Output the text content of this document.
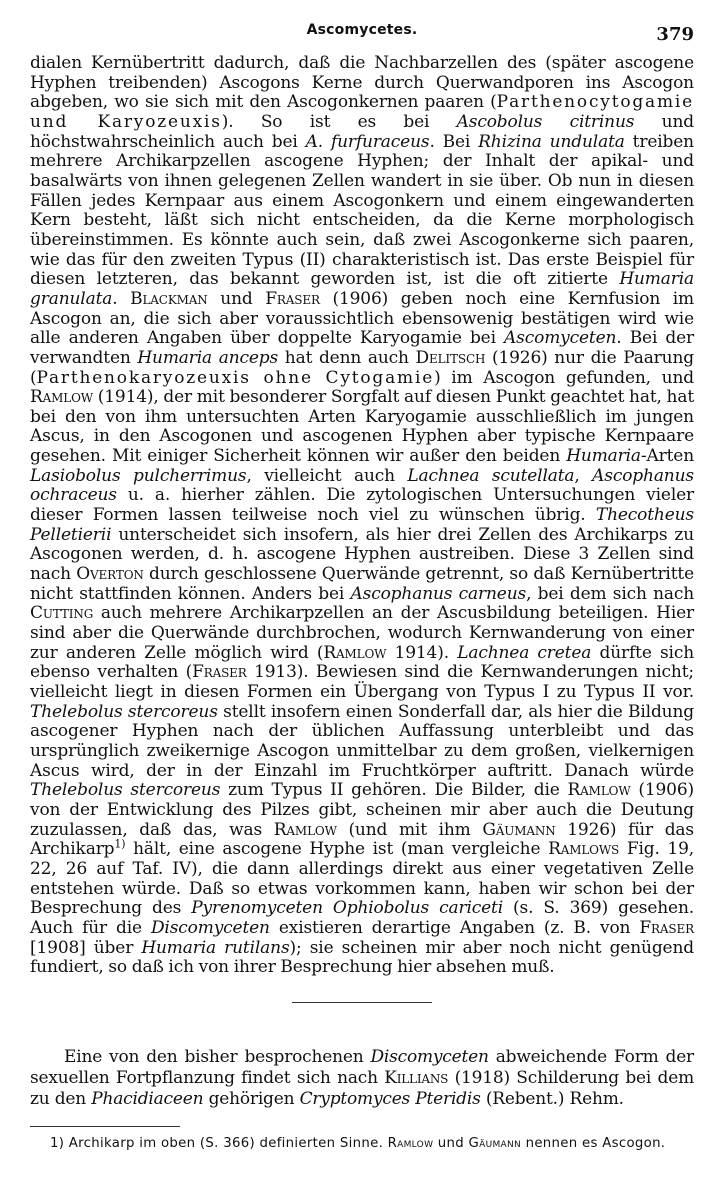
Ascomycetes.	379

dialen Kernübertritt dadurch, daß die Nachbarzellen des (später ascogene Hyphen treibenden) Ascogons Kerne durch Querwandporen ins Ascogon abgeben, wo sie sich mit den Ascogonkernen paaren (Parthenocytogamie und Karyozeuxis). So ist es bei Ascobolus citrinus und höchstwahrscheinlich auch bei A. furfuraceus. Bei Rhizina undulata treiben mehrere Archikarpzellen ascogene Hyphen; der Inhalt der apikal- und basalwärts von ihnen gelegenen Zellen wandert in sie über. Ob nun in diesen Fällen jedes Kernpaar aus einem Ascogonkern und einem eingewanderten Kern besteht, läßt sich nicht entscheiden, da die Kerne morphologisch übereinstimmen. Es könnte auch sein, daß zwei Ascogonkerne sich paaren, wie das für den zweiten Typus (II) charakteristisch ist. Das erste Beispiel für diesen letzteren, das bekannt geworden ist, ist die oft zitierte Humaria granulata. Blackman und Fraser (1906) geben noch eine Kernfusion im Ascogon an, die sich aber voraussichtlich ebensowenig bestätigen wird wie alle anderen Angaben über doppelte Karyogamie bei Ascomyceten. Bei der verwandten Humaria anceps hat denn auch Delitsch (1926) nur die Paarung (Parthenokaryozeuxis ohne Cytogamie) im Ascogon gefunden, und Ramlow (1914), der mit besonderer Sorgfalt auf diesen Punkt geachtet hat, hat bei den von ihm untersuchten Arten Karyogamie ausschließlich im jungen Ascus, in den Ascogonen und ascogenen Hyphen aber typische Kernpaare gesehen. Mit einiger Sicherheit können wir außer den beiden Humaria-Arten Lasiobolus pulcherrimus, vielleicht auch Lachnea scutellata, Ascophanus ochraceus u. a. hierher zählen. Die zytologischen Untersuchungen vieler dieser Formen lassen teilweise noch viel zu wünschen übrig. Thecotheus Pelletierii unterscheidet sich insofern, als hier drei Zellen des Archikarps zu Ascogonen werden, d. h. ascogene Hyphen austreiben. Diese 3 Zellen sind nach Overton durch geschlossene Querwände getrennt, so daß Kernübertritte nicht stattfinden können. Anders bei Ascophanus carneus, bei dem sich nach Cutting auch mehrere Archikarpzellen an der Ascusbildung beteiligen. Hier sind aber die Querwände durchbrochen, wodurch Kernwanderung von einer zur anderen Zelle möglich wird (Ramlow 1914). Lachnea cretea dürfte sich ebenso verhalten (Fraser 1913). Bewiesen sind die Kernwanderungen nicht; vielleicht liegt in diesen Formen ein Übergang von Typus I zu Typus II vor. Thelebolus stercoreus stellt insofern einen Sonderfall dar, als hier die Bildung ascogener Hyphen nach der üblichen Auffassung unterbleibt und das ursprünglich zweikernige Ascogon unmittelbar zu dem großen, vielkernigen Ascus wird, der in der Einzahl im Fruchtkörper auftritt. Danach würde Thelebolus stercoreus zum Typus II gehören. Die Bilder, die Ramlow (1906) von der Entwicklung des Pilzes gibt, scheinen mir aber auch die Deutung zuzulassen, daß das, was Ramlow (und mit ihm Gäumann 1926) für das Archikarp$^{1)}$ hält, eine ascogene Hyphe ist (man vergleiche Ramlows Fig. 19, 22, 26 auf Taf. IV), die dann allerdings direkt aus einer vegetativen Zelle entstehen würde. Daß so etwas vorkommen kann, haben wir schon bei der Besprechung des Pyrenomyceten Ophiobolus cariceti (s. S. 369) gesehen. Auch für die Discomyceten existieren derartige Angaben (z. B. von Fraser [1908] über Humaria rutilans); sie scheinen mir aber noch nicht genügend fundiert, so daß ich von ihrer Besprechung hier absehen muß.

Eine von den bisher besprochenen Discomyceten abweichende Form der sexuellen Fortpflanzung findet sich nach Killians (1918) Schilderung bei dem zu den Phacidiaceen gehörigen Cryptomyces Pteridis (Rebent.) Rehm.

1) Archikarp im oben (S. 366) definierten Sinne. Ramlow und Gäumann nennen es Ascogon.
